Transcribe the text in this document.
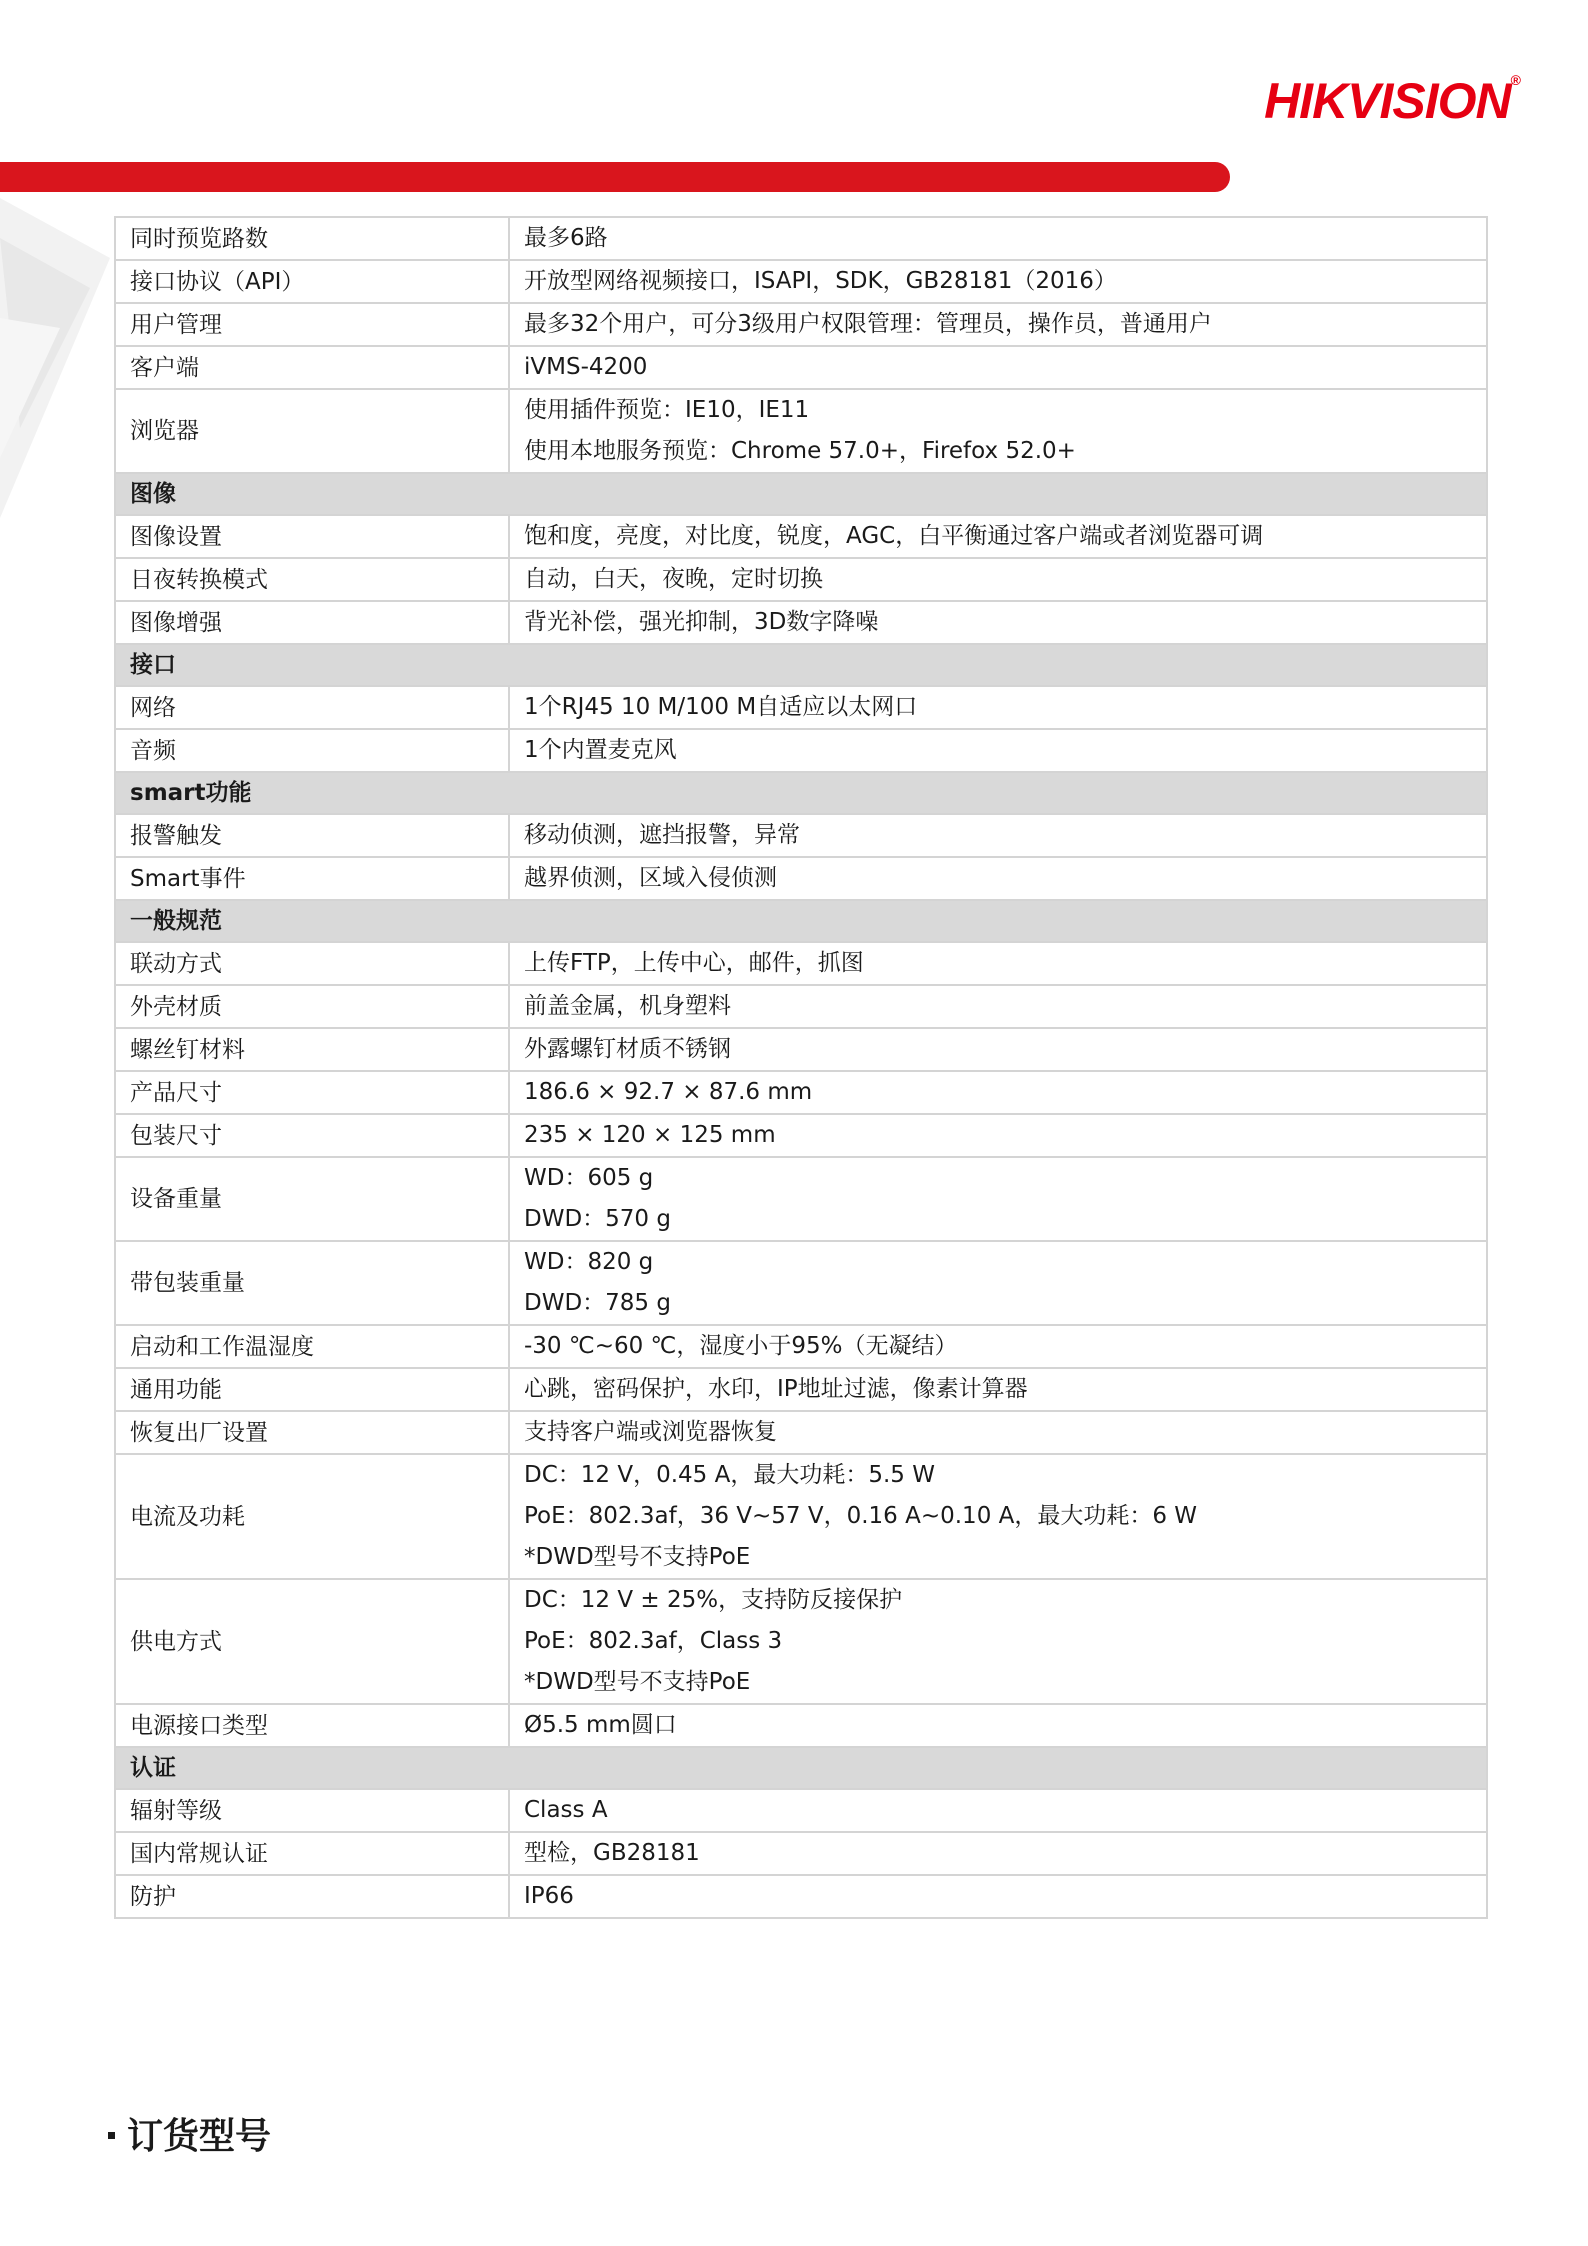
HIKVISION®
同时预览路数	最多6路

接口协议（API）	开放型网络视频接口，ISAPI，SDK，GB28181（2016）

用户管理	最多32个用户，可分3级用户权限管理：管理员，操作员，普通用户

客户端	iVMS-4200

浏览器	使用插件预览：IE10，IE11
使用本地服务预览：Chrome 57.0+，Firefox 52.0+

图像	
图像设置	饱和度，亮度，对比度，锐度，AGC，白平衡通过客户端或者浏览器可调

日夜转换模式	自动，白天，夜晚，定时切换

图像增强	背光补偿，强光抑制，3D数字降噪

接口	
网络	1个RJ45 10 M/100 M自适应以太网口

音频	1个内置麦克风

smart功能	
报警触发	移动侦测，遮挡报警，异常

Smart事件	越界侦测，区域入侵侦测

一般规范	
联动方式	上传FTP，上传中心，邮件，抓图

外壳材质	前盖金属，机身塑料

螺丝钉材料	外露螺钉材质不锈钢

产品尺寸	186.6 × 92.7 × 87.6 mm

包装尺寸	235 × 120 × 125 mm

设备重量	WD：605 g
DWD：570 g

带包装重量	WD：820 g
DWD：785 g

启动和工作温湿度	-30 ℃~60 ℃，湿度小于95%（无凝结）

通用功能	心跳，密码保护，水印，IP地址过滤，像素计算器

恢复出厂设置	支持客户端或浏览器恢复

电流及功耗	DC：12 V，0.45 A，最大功耗：5.5 W
PoE：802.3af，36 V~57 V，0.16 A~0.10 A，最大功耗：6 W
*DWD型号不支持PoE

供电方式	DC：12 V ± 25%，支持防反接保护
PoE：802.3af，Class 3
*DWD型号不支持PoE

电源接口类型	Ø5.5 mm圆口

认证	
辐射等级	Class A

国内常规认证	型检，GB28181

防护	IP66
订货型号
